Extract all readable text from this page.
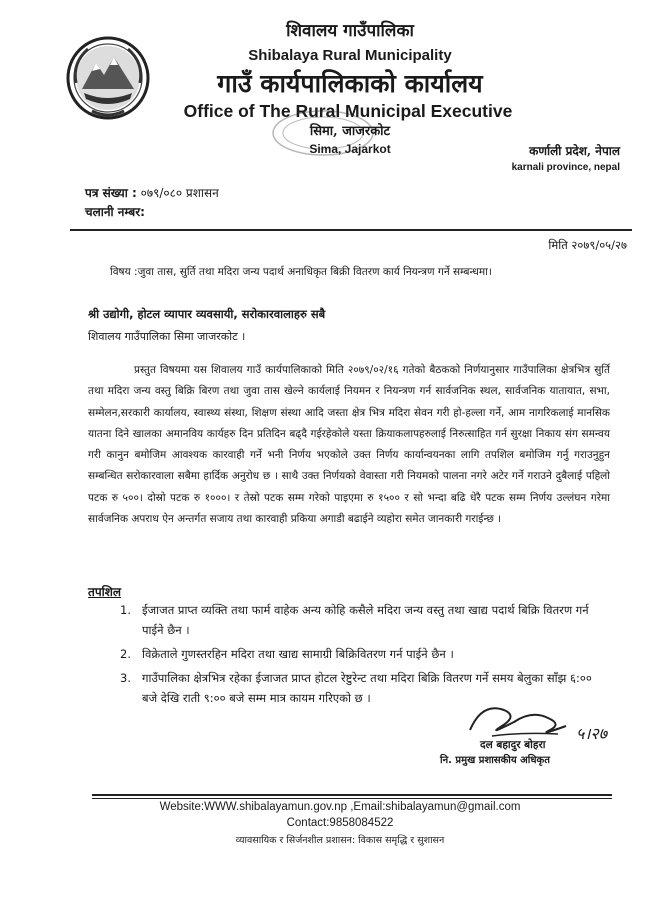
शिवालय गाउँपालिका
Shibalaya Rural Municipality
गाउँ कार्यपालिकाको कार्यालय
Office of The Rural Municipal Executive
सिमा, जाजरकोट
Sima, Jajarkot	कर्णाली प्रदेश, नेपाल
karnali province, nepal
पत्र संख्या : ०७९/०८० प्रशासन
चलानी नम्बर:
मिति २०७९/०५/२७
विषय :जुवा तास, सुर्ति तथा मदिरा जन्य पदार्थ अनाधिकृत बिक्री वितरण कार्य नियन्त्रण गर्ने सम्बन्धमा।
श्री उद्योगी, होटल व्यापार व्यवसायी, सरोकारवालाहरु सबै
शिवालय गाउँपालिका सिमा जाजरकोट ।
प्रस्तुत विषयमा यस शिवालय गाउँ कार्यपालिकाको मिति २०७९/०२/१६ गतेको बैठकको निर्णयानुसार गाउँपालिका क्षेत्रभित्र सुर्ति तथा मदिरा जन्य वस्तु बिक्रि बिरण तथा जुवा तास खेल्ने कार्यलाई नियमन र नियन्त्रण गर्न सार्वजनिक स्थल, सार्वजनिक यातायात, सभा, सम्मेलन,सरकारी कार्यालय, स्वास्थ्य संस्था, शिक्षण संस्था आदि जस्ता क्षेत्र भित्र मदिरा सेवन गरी हो-हल्ला गर्ने, आम नागरिकलाई मानसिक यातना दिने खालका अमानविय कार्यहरु दिन प्रतिदिन बढ्दै गईरहेकोले यस्ता क्रियाकलापहरुलाई निरुत्साहित गर्न सुरक्षा निकाय संग समन्वय गरी कानुन बमोजिम आवश्यक कारवाही गर्ने भनी निर्णय भएकोले उक्त निर्णय कार्यान्वयनका लागि तपशिल बमोजिम गर्नु गराउनुहुन सम्बन्धित सरोकारवाला सबैमा हार्दिक अनुरोध छ । साथै उक्त निर्णयको वेवास्ता गरी नियमको पालना नगरे अटेर गर्ने गराउने दुबैलाई पहिलो पटक रु ५००। दोस्रो पटक रु १०००। र तेस्रो पटक सम्म गरेको पाइएमा रु १५०० र सो भन्दा बढि धेरै पटक सम्म निर्णय उल्लंघन गरेमा सार्वजनिक अपराध ऐन अन्तर्गत सजाय तथा कारवाही प्रकिया अगाडी बढाईने व्यहोरा समेत जानकारी गराईन्छ ।
तपशिल
1. ईजाजत प्राप्त व्यक्ति तथा फार्म वाहेक अन्य कोहि कसैले मदिरा जन्य वस्तु तथा खाद्य पदार्थ बिक्रि वितरण गर्न पाईने छैन ।
2. विक्रेताले गुणस्तरहिन मदिरा तथा खाद्य सामाग्री बिक्रिवितरण गर्न पाईने छैन ।
3. गाउँपालिका क्षेत्रभित्र रहेका ईजाजत प्राप्त होटल रेष्टुरेन्ट तथा मदिरा बिक्रि वितरण गर्ने समय बेलुका साँझ ६:०० बजे देखि राती ९:०० बजे सम्म मात्र कायम गरिएको छ ।
५।२७
दल बहादुर बोहरा
नि. प्रमुख प्रशासकीय अधिकृत
Website:WWW.shibalayamun.gov.np ,Email:shibalayamun@gmail.com
Contact:9858084522
व्यावसायिक र सिर्जनशील प्रशासन: विकास समृद्धि र सुशासन
